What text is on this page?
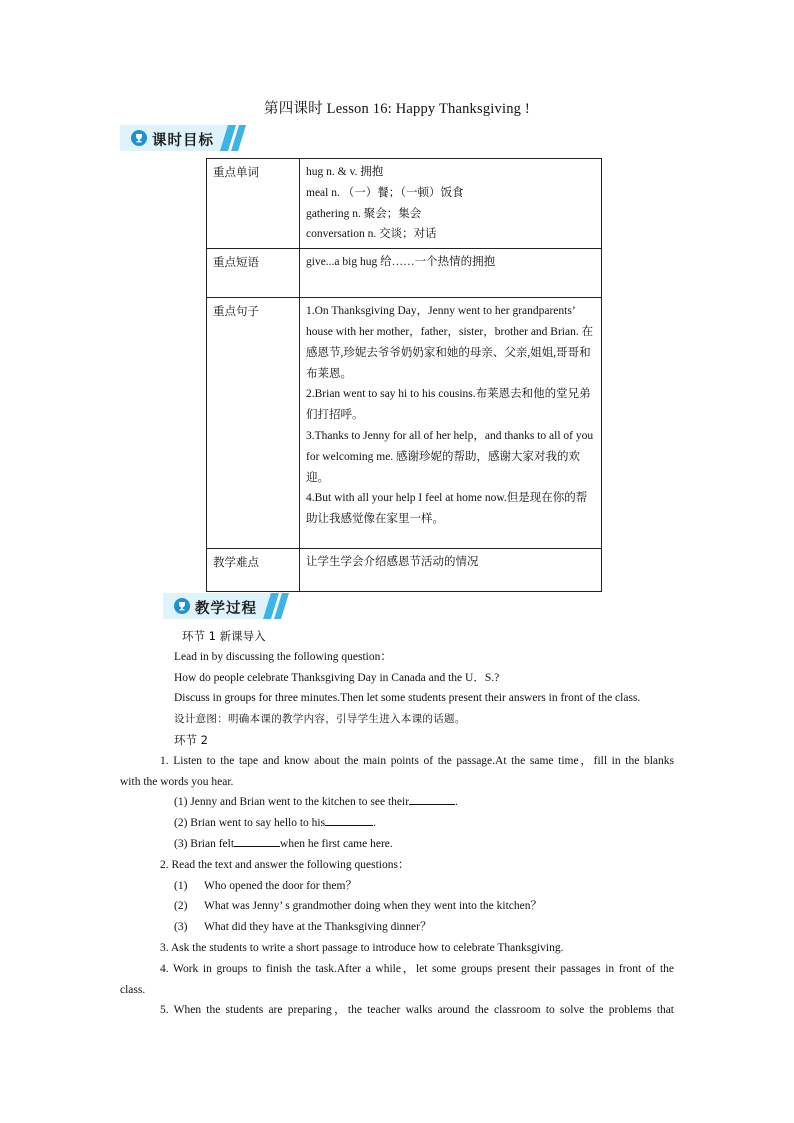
第四课时 Lesson 16: Happy Thanksgiving !
课时目标
重点单词	hug n. & v. 拥抱
meal n. （一）餐；（一顿）饭食
gathering n. 聚会；集会
conversation n. 交谈；对话

重点短语	give...a big hug 给……一个热情的拥抱
重点句子	1.On Thanksgiving Day，Jenny went to her grandparents’ house with her mother，father，sister，brother and Brian. 在感恩节,珍妮去爷爷奶奶家和她的母亲、父亲,姐姐,哥哥和布莱恩。
2.Brian went to say hi to his cousins.布莱恩去和他的堂兄弟们打招呼。
3.Thanks to Jenny for all of her help，and thanks to all of you for welcoming me. 感谢珍妮的帮助，感谢大家对我的欢迎。
4.But with all your help I feel at home now.但是现在你的帮助让我感觉像在家里一样。

教学难点	让学生学会介绍感恩节活动的情况
教学过程

环节 1 新课导入

Lead in by discussing the following question：

How do people celebrate Thanksgiving Day in Canada and the U．S.?

Discuss in groups for three minutes.Then let some students present their answers in front of the class.

设计意图：明确本课的教学内容，引导学生进入本课的话题。

环节 2

1. Listen to the tape and know about the main points of the passage.At the same time，fill in the blanks

with the words you hear.

(1) Jenny and Brian went to the kitchen to see their	.

(2) Brian went to say hello to his	.

(3) Brian felt	when he first came here.

2. Read the text and answer the following questions：

(1) Who opened the door for them？

(2) What was Jenny’ s grandmother doing when they went into the kitchen？

(3) What did they have at the Thanksgiving dinner？

3. Ask the students to write a short passage to introduce how to celebrate Thanksgiving.

4. Work in groups to finish the task.After a while，let some groups present their passages in front of the

class.

5. When the students are preparing，the teacher walks around the classroom to solve the problems that
